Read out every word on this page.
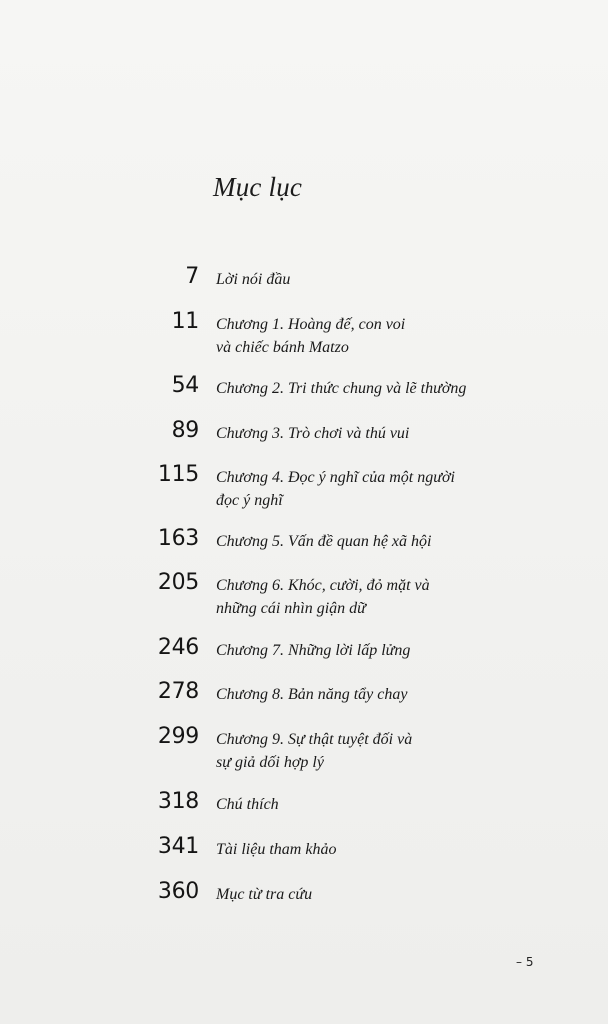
Mục lục
7 Lời nói đầu
11 Chương 1. Hoàng đế, con voi
và chiếc bánh Matzo
54 Chương 2. Tri thức chung và lẽ thường
89 Chương 3. Trò chơi và thú vui
115 Chương 4. Đọc ý nghĩ của một người
đọc ý nghĩ
163 Chương 5. Vấn đề quan hệ xã hội
205 Chương 6. Khóc, cười, đỏ mặt và
những cái nhìn giận dữ
246 Chương 7. Những lời lấp lửng
278 Chương 8. Bản năng tẩy chay
299 Chương 9. Sự thật tuyệt đối và
sự giả dối hợp lý
318 Chú thích
341 Tài liệu tham khảo
360 Mục từ tra cứu
– 5
